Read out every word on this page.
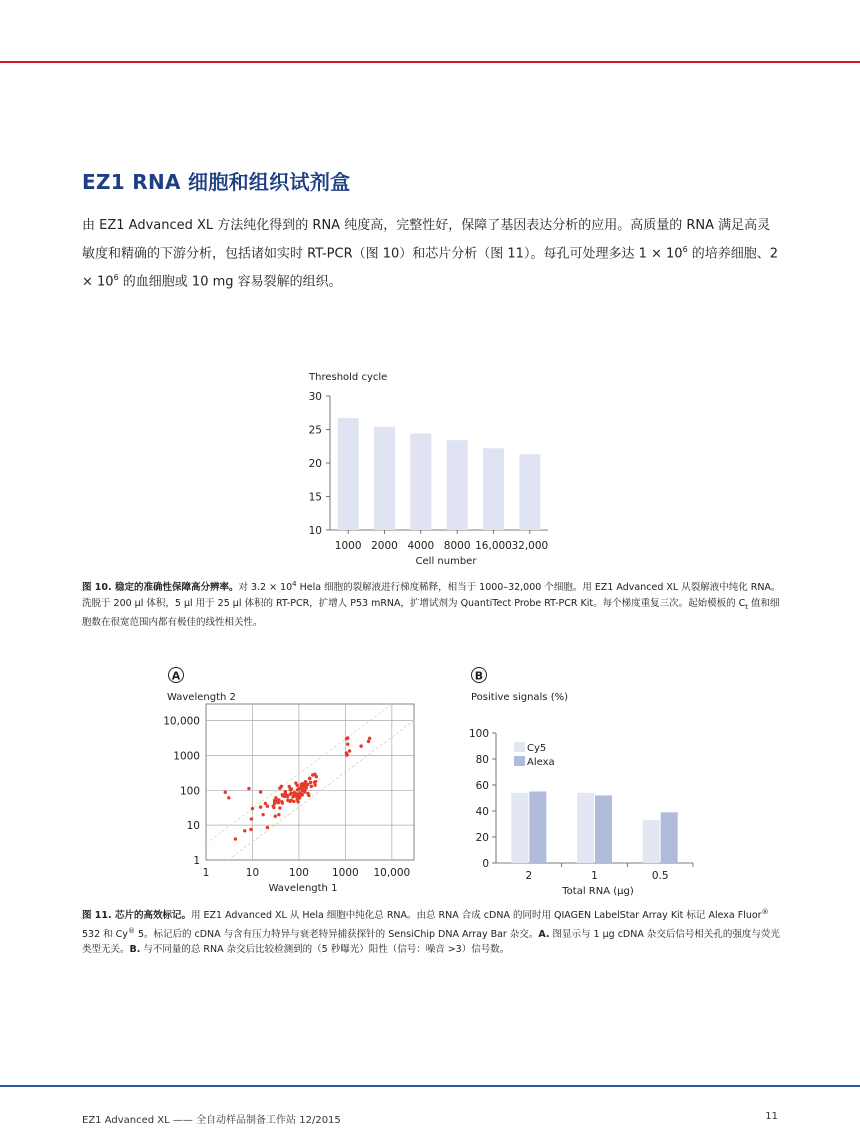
EZ1 RNA 细胞和组织试剂盒
由 EZ1 Advanced XL 方法纯化得到的 RNA 纯度高，完整性好，保障了基因表达分析的应用。高质量的 RNA 满足高灵敏度和精确的下游分析，包括诸如实时 RT-PCR（图 10）和芯片分析（图 11）。每孔可处理多达 $1 \times 10^6$ 的培养细胞、$2 \times 10^6$ 的血细胞或 10 mg 容易裂解的组织。
Threshold cycle
10
15
20
25
30
1000 2000 4000 8000 16,000 32,000
Cell number
图 10. 稳定的准确性保障高分辨率。对 $3.2 \times 10^4$ Hela 细胞的裂解液进行梯度稀释，相当于 1000–32,000 个细胞。用 EZ1 Advanced XL 从裂解液中纯化 RNA。洗脱于 200 µl 体积，5 µl 用于 25 µl 体积的 RT-PCR，扩增人 P53 mRNA，扩增试剂为 QuantiTect Probe RT-PCR Kit。每个梯度重复三次。起始模板的 $C_t$ 值和细胞数在很宽范围内都有极佳的线性相关性。
A
Wavelength 2
1
10
100
1000
10,000
1	10	100 1000 10,000
Wavelength 1
B
Positive signals (%)
0
20
40
60
80
100
2	1	0.5
Cy5
Alexa
Total RNA (µg)
图 11. 芯片的高效标记。用 EZ1 Advanced XL 从 Hela 细胞中纯化总 RNA。由总 RNA 合成 cDNA 的同时用 QIAGEN LabelStar Array Kit 标记 Alexa Fluor® 532 和 Cy® 5。标记后的 cDNA 与含有压力特异与衰老特异捕获探针的 SensiChip DNA Array Bar 杂交。A. 图显示与 1 µg cDNA 杂交后信号相关孔的强度与荧光类型无关。B. 与不同量的总 RNA 杂交后比较检测到的（5 秒曝光）阳性（信号：噪音 >3）信号数。
EZ1 Advanced XL —— 全自动样品制备工作站 12/2015	11
